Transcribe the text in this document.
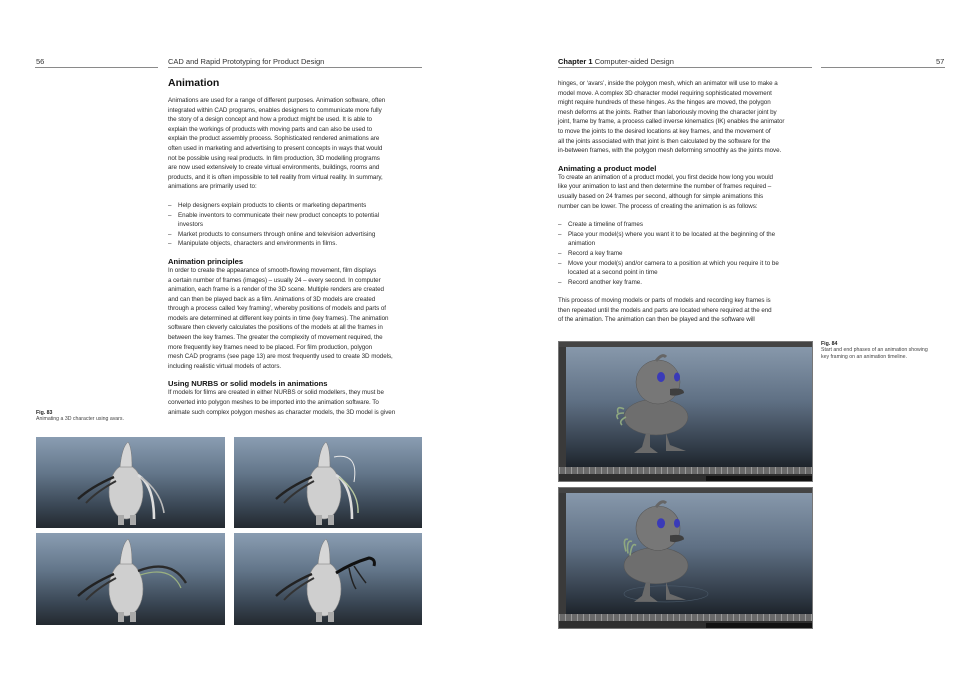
56	CAD and Rapid Prototyping for Product Design
Animation
Animations are used for a range of different purposes. Animation software, often
integrated within CAD programs, enables designers to communicate more fully
the story of a design concept and how a product might be used. It is able to
explain the workings of products with moving parts and can also be used to
explain the product assembly process. Sophisticated rendered animations are
often used in marketing and advertising to present concepts in ways that would
not be possible using real products. In film production, 3D modelling programs
are now used extensively to create virtual environments, buildings, rooms and
products, and it is often impossible to tell reality from virtual reality. In summary,
animations are primarily used to:
– Help designers explain products to clients or marketing departments
– Enable inventors to communicate their new product concepts to potential investors
– Market products to consumers through online and television advertising
– Manipulate objects, characters and environments in films.
Animation principles
In order to create the appearance of smooth-flowing movement, film displays
a certain number of frames (images) – usually 24 – every second. In computer
animation, each frame is a render of the 3D scene. Multiple renders are created
and can then be played back as a film. Animations of 3D models are created
through a process called ‘key framing’, whereby positions of models and parts of
models are determined at different key points in time (key frames). The animation
software then cleverly calculates the positions of the models at all the frames in
between the key frames. The greater the complexity of movement required, the
more frequently key frames need to be placed. For film production, polygon
mesh CAD programs (see page 13) are most frequently used to create 3D models,
including realistic virtual models of actors.
Using NURBS or solid models in animations
If models for films are created in either NURBS or solid modellers, they must be
converted into polygon meshes to be imported into the animation software. To
animate such complex polygon meshes as character models, the 3D model is given
Fig. 83
Animating a 3D character using avars.
Chapter 1 Computer-aided Design	57
hinges, or ‘avars’, inside the polygon mesh, which an animator will use to make a
model move. A complex 3D character model requiring sophisticated movement
might require hundreds of these hinges. As the hinges are moved, the polygon
mesh deforms at the joints. Rather than laboriously moving the character joint by
joint, frame by frame, a process called inverse kinematics (IK) enables the animator
to move the joints to the desired locations at key frames, and the movement of
all the joints associated with that joint is then calculated by the software for the
in-between frames, with the polygon mesh deforming smoothly as the joints move.
Animating a product model
To create an animation of a product model, you first decide how long you would
like your animation to last and then determine the number of frames required –
usually based on 24 frames per second, although for simple animations this
number can be lower. The process of creating the animation is as follows:
– Create a timeline of frames
– Place your model(s) where you want it to be located at the beginning of the animation
– Record a key frame
– Move your model(s) and/or camera to a position at which you require it to be located at a second point in time
– Record another key frame.
This process of moving models or parts of models and recording key frames is
then repeated until the models and parts are located where required at the end
of the animation. The animation can then be played and the software will
Fig. 84
Start and end phases of an animation showing
key framing on an animation timeline.
